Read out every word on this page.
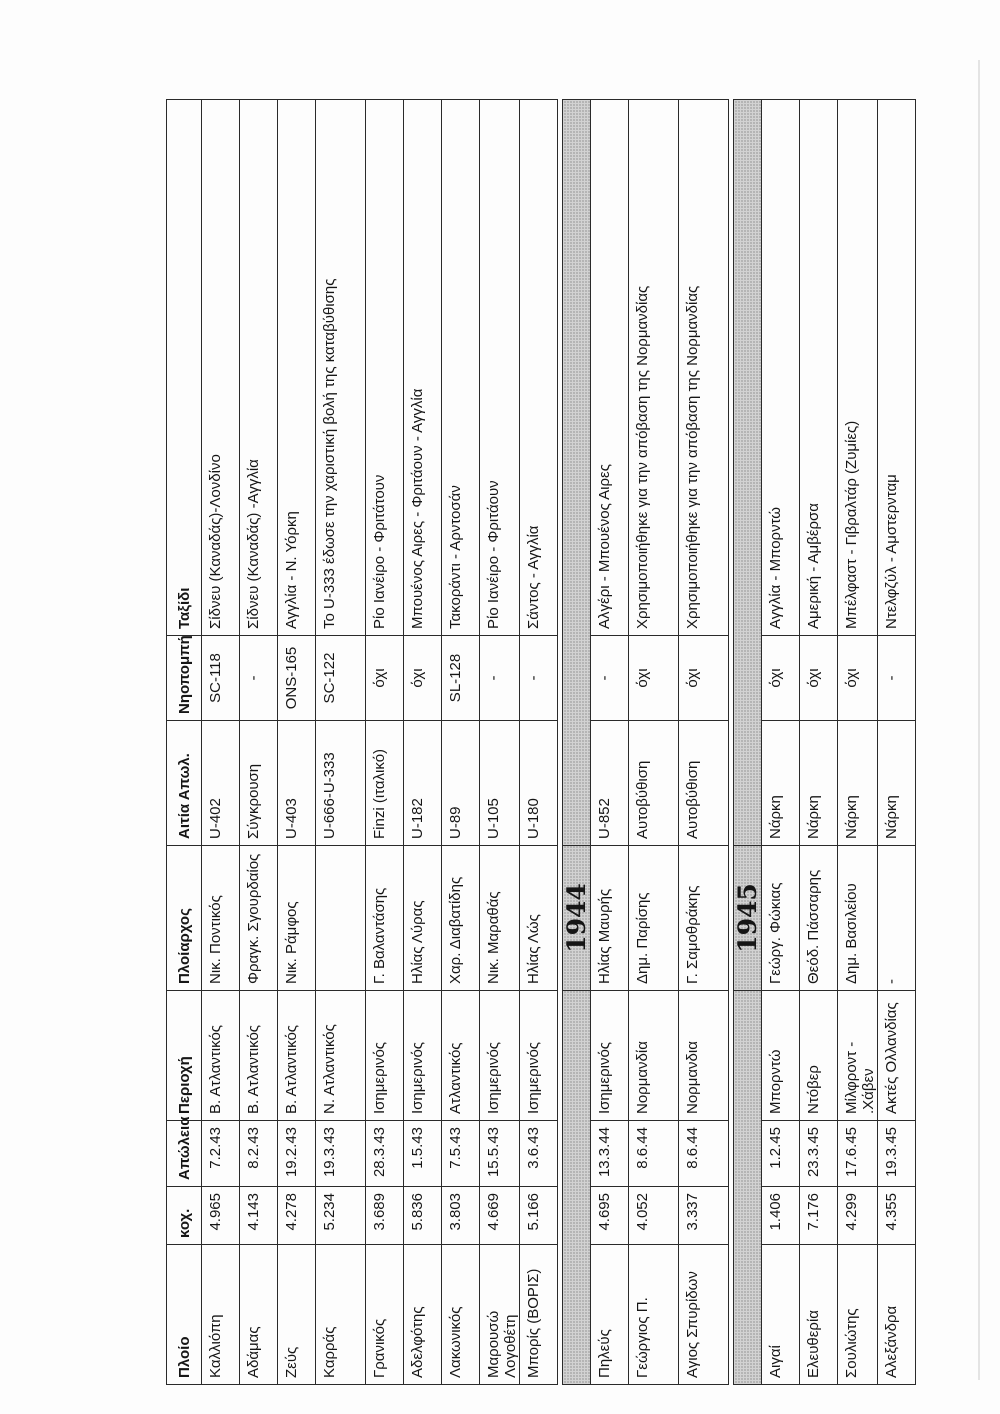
Πλοίο	κοχ.	Απώλεια	Περιοχή	Πλοίαρχος	Αιτία Απωλ.	Νηοπομπή	Ταξίδι
Καλλιόπη	4.965	7.2.43	Β. Ατλαντικός	Νικ. Ποντικός	U-402	SC-118	Σίδνευ (Καναδάς)-Λονδίνο
Αδάμας	4.143	8.2.43	Β. Ατλαντικός	Φραγκ. Σγουρδαίος	Σύγκρουση	-	Σίδνευ (Καναδάς) -Αγγλία
Ζεύς	4.278	19.2.43	Β. Ατλαντικός	Νικ. Ράμφος	U-403	ONS-165	Αγγλία - Ν. Υόρκη
Καρράς	5.234	19.3.43	Ν. Ατλαντικός		U-666-U-333	SC-122	Το U-333 έδωσε την χαριστική βολή της καταβύθισης
Γρανικός	3.689	28.3.43	Ισημερινός	Γ. Βαλαντάσης	Finzi (ιταλικό)	όχι	Ρίο Ιανέιρο - Φριτάτουν
Αδελφότης	5.836	1.5.43	Ισημερινός	Ηλίας Λύρας	U-182	όχι	Μπουένος Αιρες - Φριτάουν - Αγγλία
Λακωνικός	3.803	7.5.43	Ατλαντικός	Χαρ. Διαβατίδης	U-89	SL-128	Τακοράντι - Αρντοσάν
Μαρουσώ Λογοθέτη	4.669	15.5.43	Ισημερινός	Νικ. Μαραθάς	U-105	-	Ρίο Ιανέιρο - Φριτάουν
Μπορίς (ΒΟΡΙΣ)	5.166	3.6.43	Ισημερινός	Ηλίας Λώς	U-180	-	Σάντος - Αγγλία

				1944			
Πηλεύς	4.695	13.3.44	Ισημερινός	Ηλίας Μαυρής	U-852	-	Αλγέρι - Μπουένος Αιρες
Γεώργιος Π.	4.052	8.6.44	Νορμανδία	Δημ. Παρίσης	Αυτοβύθιση	όχι	Χρησιμοποιήθηκε για την απόβαση της Νορμανδίας
Αγιος Σπυρίδων	3.337	8.6.44	Νορμανδια	Γ. Σαμοθράκης	Αυτοβύθιση	όχι	Χρησιμοποιήθηκε για την απόβαση της Νορμανδίας

				1945			
Αιγαί	1.406	1.2.45	Μπορντώ	Γεώργ. Φώκιας	Νάρκη	όχι	Αγγλία - Μπορντώ
Ελευθερία	7.176	23.3.45	Ντόβερ	Θεόδ. Πάσσαρης	Νάρκη	όχι	Αμερική - Αμβέρσα
Σουλιώτης	4.299	17.6.45	Μίλφροντ - .Χάβεν	Δημ. Βασιλείου	Νάρκη	όχι	Μπέλφαστ - Γιβραλτάρ (Ζυμίες)
Αλεξάνδρα	4.355	19.3.45	Ακτές Ολλανδίας	-	Νάρκη	-	Ντελφζύλ - Αμστερνταμ
